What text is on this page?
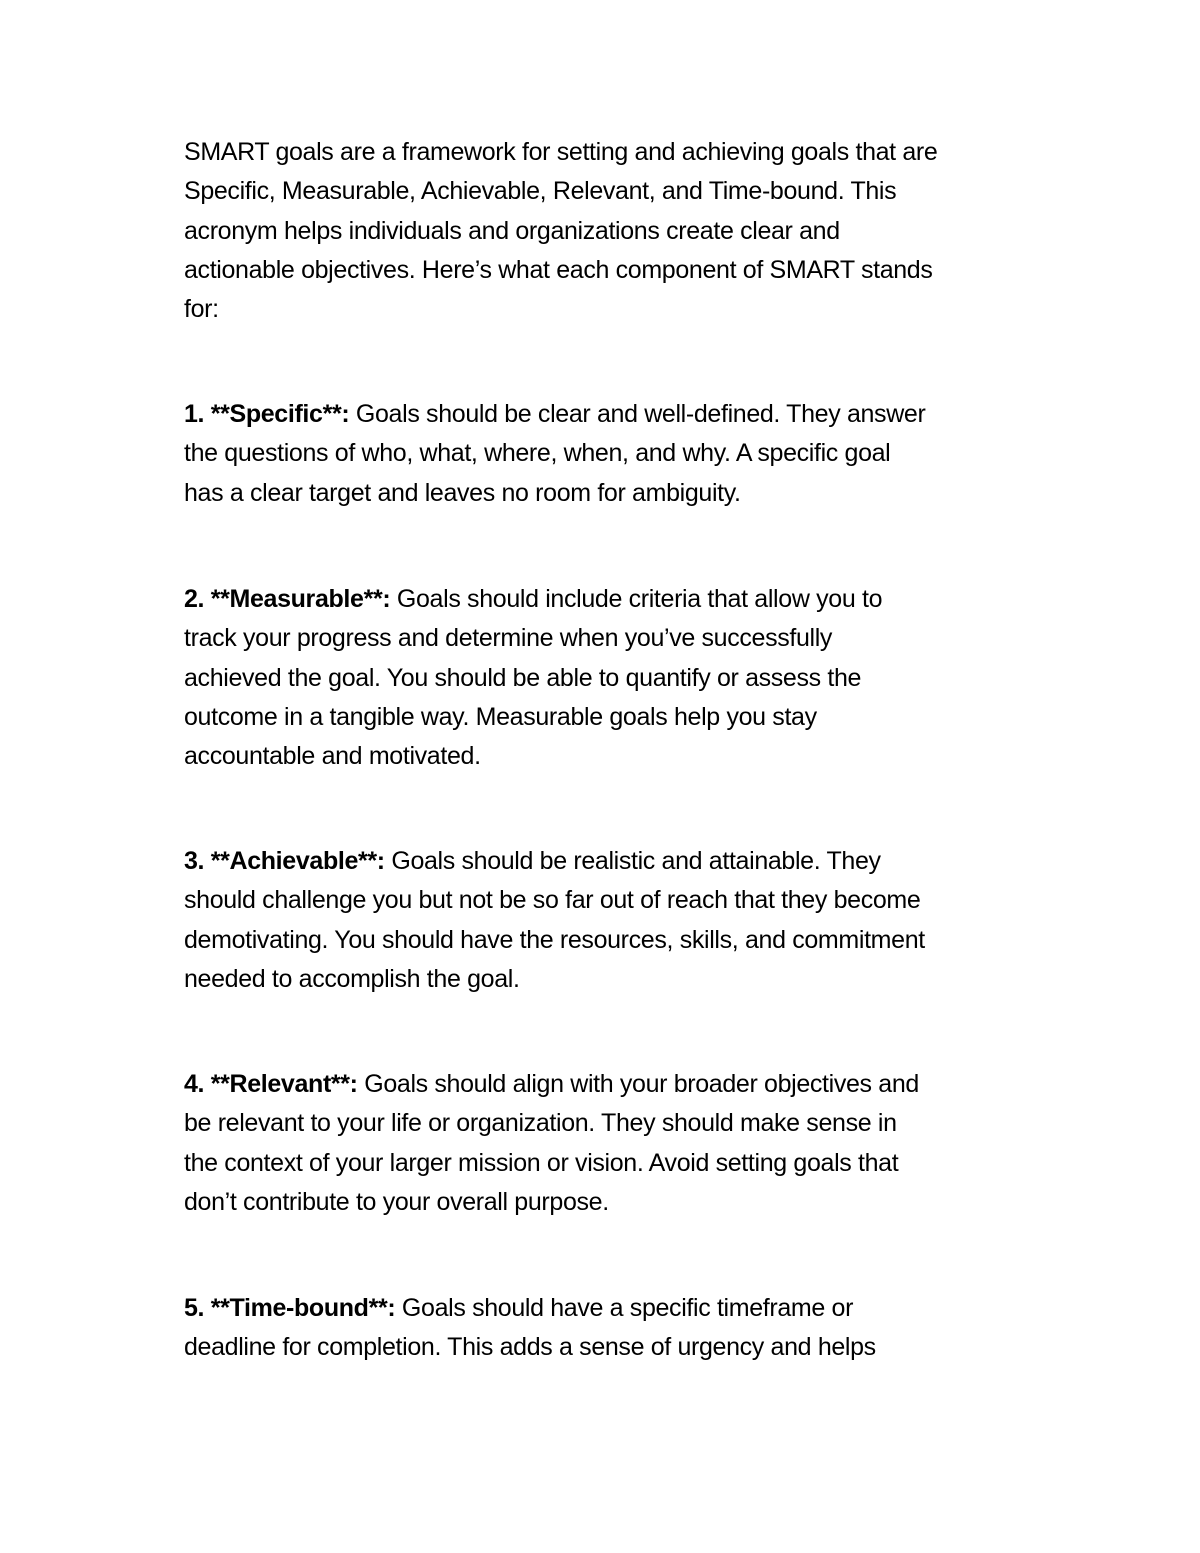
SMART goals are a framework for setting and achieving goals that are
Specific, Measurable, Achievable, Relevant, and Time-bound. This
acronym helps individuals and organizations create clear and
actionable objectives. Here’s what each component of SMART stands
for:

1. **Specific**: Goals should be clear and well-defined. They answer
the questions of who, what, where, when, and why. A specific goal
has a clear target and leaves no room for ambiguity.

2. **Measurable**: Goals should include criteria that allow you to
track your progress and determine when you’ve successfully
achieved the goal. You should be able to quantify or assess the
outcome in a tangible way. Measurable goals help you stay
accountable and motivated.

3. **Achievable**: Goals should be realistic and attainable. They
should challenge you but not be so far out of reach that they become
demotivating. You should have the resources, skills, and commitment
needed to accomplish the goal.

4. **Relevant**: Goals should align with your broader objectives and
be relevant to your life or organization. They should make sense in
the context of your larger mission or vision. Avoid setting goals that
don’t contribute to your overall purpose.

5. **Time-bound**: Goals should have a specific timeframe or
deadline for completion. This adds a sense of urgency and helps
